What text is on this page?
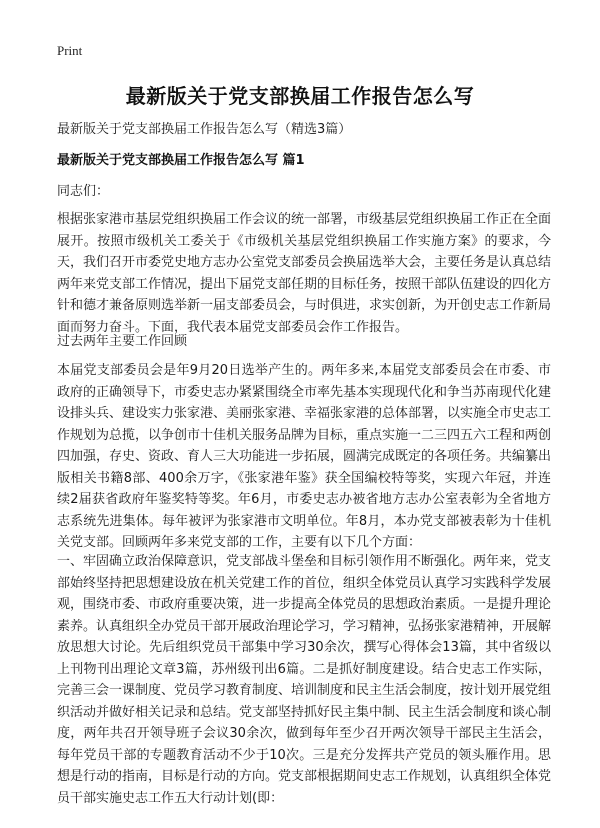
Print
最新版关于党支部换届工作报告怎么写
最新版关于党支部换届工作报告怎么写（精选3篇）
最新版关于党支部换届工作报告怎么写 篇1
同志们：
根据张家港市基层党组织换届工作会议的统一部署，市级基层党组织换届工作正在全面展开。按照市级机关工委关于《市级机关基层党组织换届工作实施方案》的要求，今天，我们召开市委党史地方志办公室党支部委员会换届选举大会，主要任务是认真总结两年来党支部工作情况，提出下届党支部任期的目标任务，按照干部队伍建设的四化方针和德才兼备原则选举新一届支部委员会，与时俱进，求实创新，为开创史志工作新局面而努力奋斗。下面，我代表本届党支部委员会作工作报告。
过去两年主要工作回顾
本届党支部委员会是年9月20日选举产生的。两年多来,本届党支部委员会在市委、市政府的正确领导下，市委史志办紧紧围绕全市率先基本实现现代化和争当苏南现代化建设排头兵、建设实力张家港、美丽张家港、幸福张家港的总体部署，以实施全市史志工作规划为总揽，以争创市十佳机关服务品牌为目标，重点实施一二三四五六工程和两创四加强，存史、资政、育人三大功能进一步拓展，圆满完成既定的各项任务。共编纂出版相关书籍8部、400余万字，《张家港年鉴》获全国编校特等奖，实现六年冠，并连续2届获省政府年鉴奖特等奖。年6月，市委史志办被省地方志办公室表彰为全省地方志系统先进集体。每年被评为张家港市文明单位。年8月，本办党支部被表彰为十佳机关党支部。回顾两年多来党支部的工作，主要有以下几个方面：
一、牢固确立政治保障意识，党支部战斗堡垒和目标引领作用不断强化。两年来，党支部始终坚持把思想建设放在机关党建工作的首位，组织全体党员认真学习实践科学发展观，围绕市委、市政府重要决策，进一步提高全体党员的思想政治素质。一是提升理论素养。认真组织全办党员干部开展政治理论学习，学习精神，弘扬张家港精神，开展解放思想大讨论。先后组织党员干部集中学习30余次，撰写心得体会13篇，其中省级以上刊物刊出理论文章3篇，苏州级刊出6篇。二是抓好制度建设。结合史志工作实际，完善三会一课制度、党员学习教育制度、培训制度和民主生活会制度，按计划开展党组织活动并做好相关记录和总结。党支部坚持抓好民主集中制、民主生活会制度和谈心制度，两年共召开领导班子会议30余次，做到每年至少召开两次领导干部民主生活会，每年党员干部的专题教育活动不少于10次。三是充分发挥共产党员的领头雁作用。思想是行动的指南，目标是行动的方向。党支部根据期间史志工作规划，认真组织全体党员干部实施史志工作五大行动计划(即：
